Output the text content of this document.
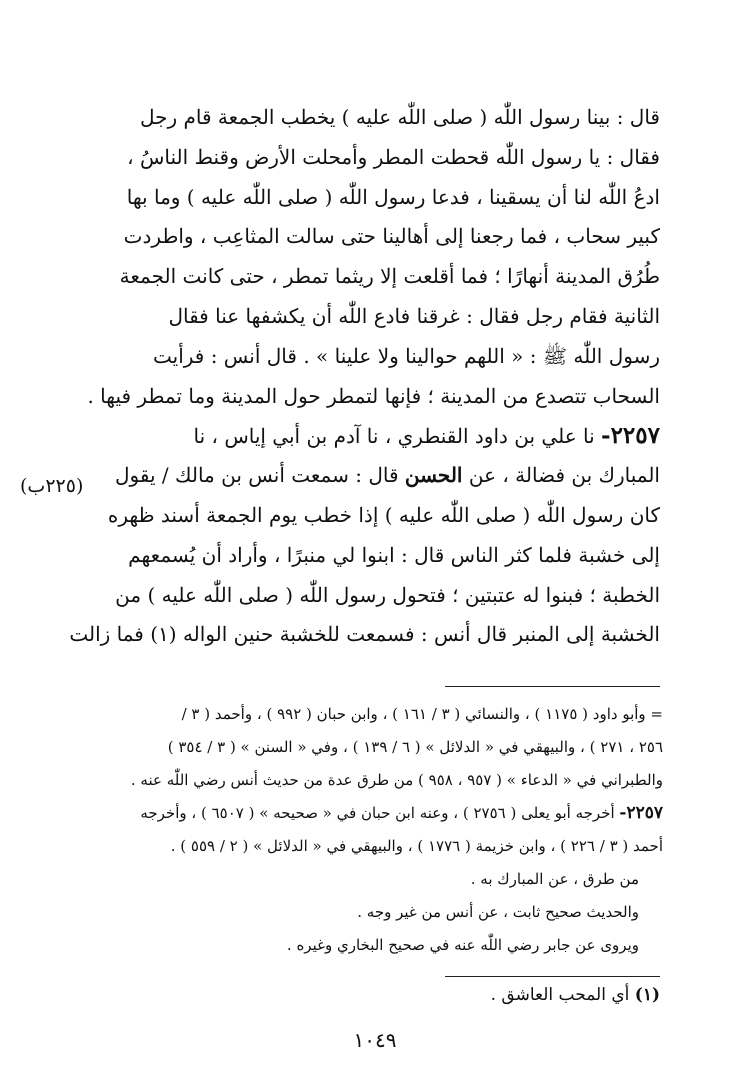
قال : بينا رسول اللّٰه ( صلى اللّٰه عليه ) يخطب الجمعة قام رجل
فقال : يا رسول اللّٰه قحطت المطر وأمحلت الأرض وقنط الناسُ ،
ادعُ اللّٰه لنا أن يسقينا ، فدعا رسول اللّٰه ( صلى اللّٰه عليه ) وما بها
كبير سحاب ، فما رجعنا إلى أهالينا حتى سالت المثاعِب ، واطردت
طُرُق المدينة أنهارًا ؛ فما أقلعت إلا ريثما تمطر ، حتى كانت الجمعة
الثانية فقام رجل فقال : غرقنا فادع اللّٰه أن يكشفها عنا فقال
رسول اللّٰه ﷺ : « اللهم حوالينا ولا علينا » . قال أنس : فرأيت
السحاب تتصدع من المدينة ؛ فإنها لتمطر حول المدينة وما تمطر فيها .
٢٢٥٧- نا علي بن داود القنطري ، نا آدم بن أبي إياس ، نا
المبارك بن فضالة ، عن الحسن قال : سمعت أنس بن مالك / يقول
كان رسول اللّٰه ( صلى اللّٰه عليه ) إذا خطب يوم الجمعة أسند ظهره
إلى خشبة فلما كثر الناس قال : ابنوا لي منبرًا ، وأراد أن يُسمعهم
الخطبة ؛ فبنوا له عتبتين ؛ فتحول رسول اللّٰه ( صلى اللّٰه عليه ) من
الخشبة إلى المنبر قال أنس : فسمعت للخشبة حنين الواله (١) فما زالت
(٢٢٥ب)
= وأبو داود ( ١١٧٥ ) ، والنسائي ( ٣ / ١٦١ ) ، وابن حبان ( ٩٩٢ ) ، وأحمد ( ٣ /
٢٥٦ ، ٢٧١ ) ، والبيهقي في « الدلائل » ( ٦ / ١٣٩ ) ، وفي « السنن » ( ٣ / ٣٥٤ )
والطبراني في « الدعاء » ( ٩٥٧ ، ٩٥٨ ) من طرق عدة من حديث أنس رضي اللّٰه عنه .
٢٢٥٧- أخرجه أبو يعلى ( ٢٧٥٦ ) ، وعنه ابن حبان في « صحيحه » ( ٦٥٠٧ ) ، وأخرجه
أحمد ( ٣ / ٢٢٦ ) ، وابن خزيمة ( ١٧٧٦ ) ، والبيهقي في « الدلائل » ( ٢ / ٥٥٩ ) .
من طرق ، عن المبارك به .
والحديث صحيح ثابت ، عن أنس من غير وجه .
ويروى عن جابر رضي اللّٰه عنه في صحيح البخاري وغيره .
(١) أي المحب العاشق .
١٠٤٩
